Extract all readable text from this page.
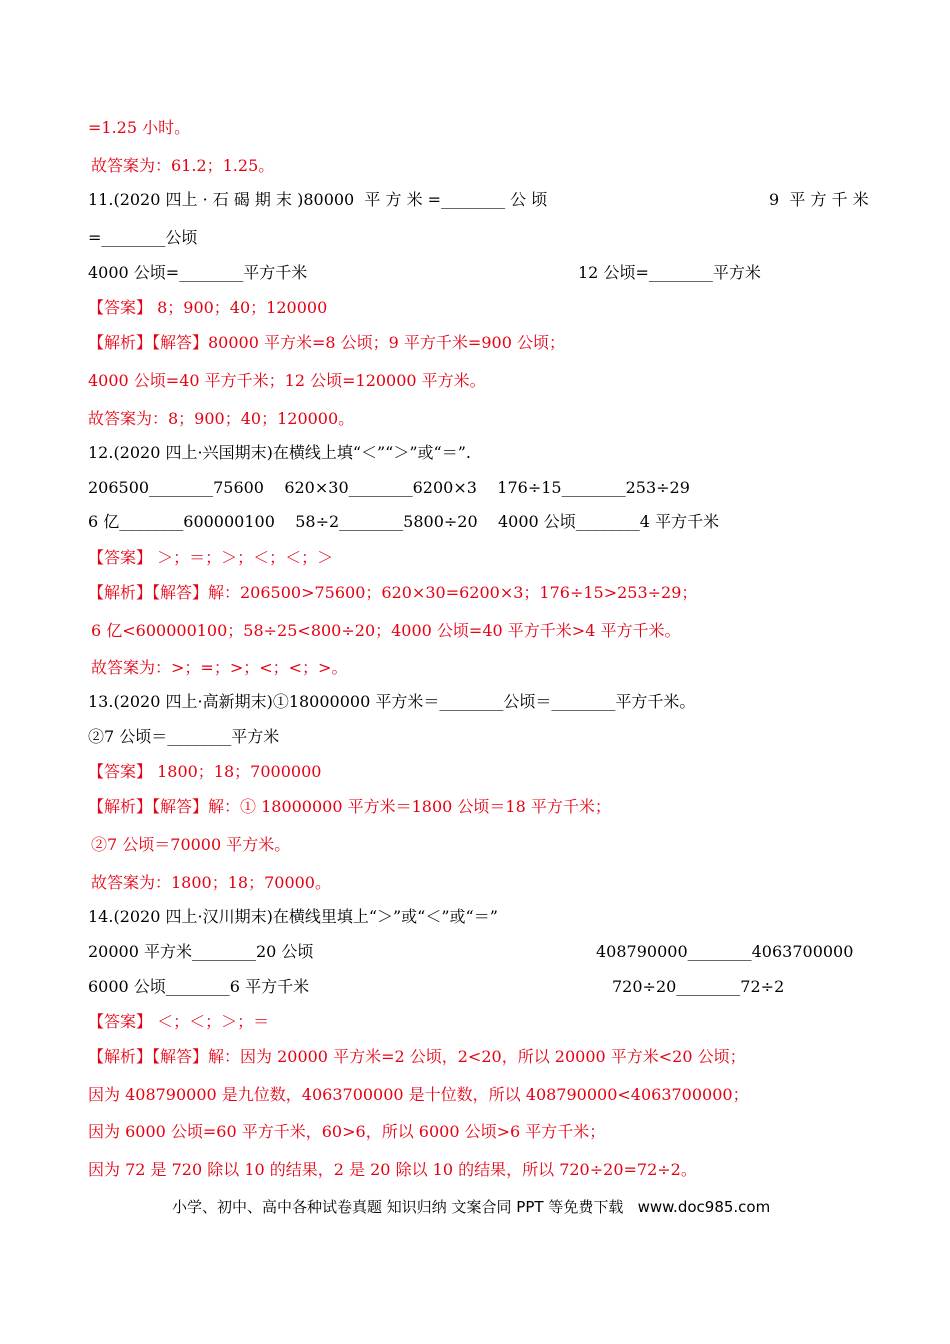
=1.25 小时。
故答案为：61.2；1.25。
11.(2020 四上 · 石 碣 期 末 )80000  平 方 米 =________ 公 顷	9  平 方 千 米
=________公顷
4000 公顷=________平方千米	12 公顷=________平方米
【答案】 8；900；40；120000
【解析】【解答】80000 平方米=8 公顷；9 平方千米=900 公顷；
4000 公顷=40 平方千米；12 公顷=120000 平方米。
故答案为：8；900；40；120000。
12.(2020 四上·兴国期末)在横线上填“＜”“＞”或“＝”.
206500________75600    620×30________6200×3    176÷15________253÷29
6 亿________600000100    58÷2________5800÷20    4000 公顷________4 平方千米
【答案】 ＞；＝；＞；＜；＜；＞
【解析】【解答】解：206500>75600；620×30=6200×3；176÷15>253÷29；
6 亿<600000100；58÷25<800÷20；4000 公顷=40 平方千米>4 平方千米。
故答案为：>；=；>；<；<；>。
13.(2020 四上·高新期末)①18000000 平方米＝________公顷＝________平方千米。
②7 公顷＝________平方米
【答案】 1800；18；7000000
【解析】【解答】解：① 18000000 平方米＝1800 公顷＝18 平方千米；
②7 公顷＝70000 平方米。
故答案为：1800；18；70000。
14.(2020 四上·汉川期末)在横线里填上“＞”或“＜”或“＝”
20000 平方米________20 公顷	408790000________4063700000
6000 公顷________6 平方千米	720÷20________72÷2
【答案】 ＜；＜；＞；＝
【解析】【解答】解：因为 20000 平方米=2 公顷，2<20，所以 20000 平方米<20 公顷；
因为 408790000 是九位数，4063700000 是十位数，所以 408790000<4063700000；
因为 6000 公顷=60 平方千米，60>6，所以 6000 公顷>6 平方千米；
因为 72 是 720 除以 10 的结果，2 是 20 除以 10 的结果，所以 720÷20=72÷2。
小学、初中、高中各种试卷真题 知识归纳 文案合同 PPT 等免费下载   www.doc985.com
